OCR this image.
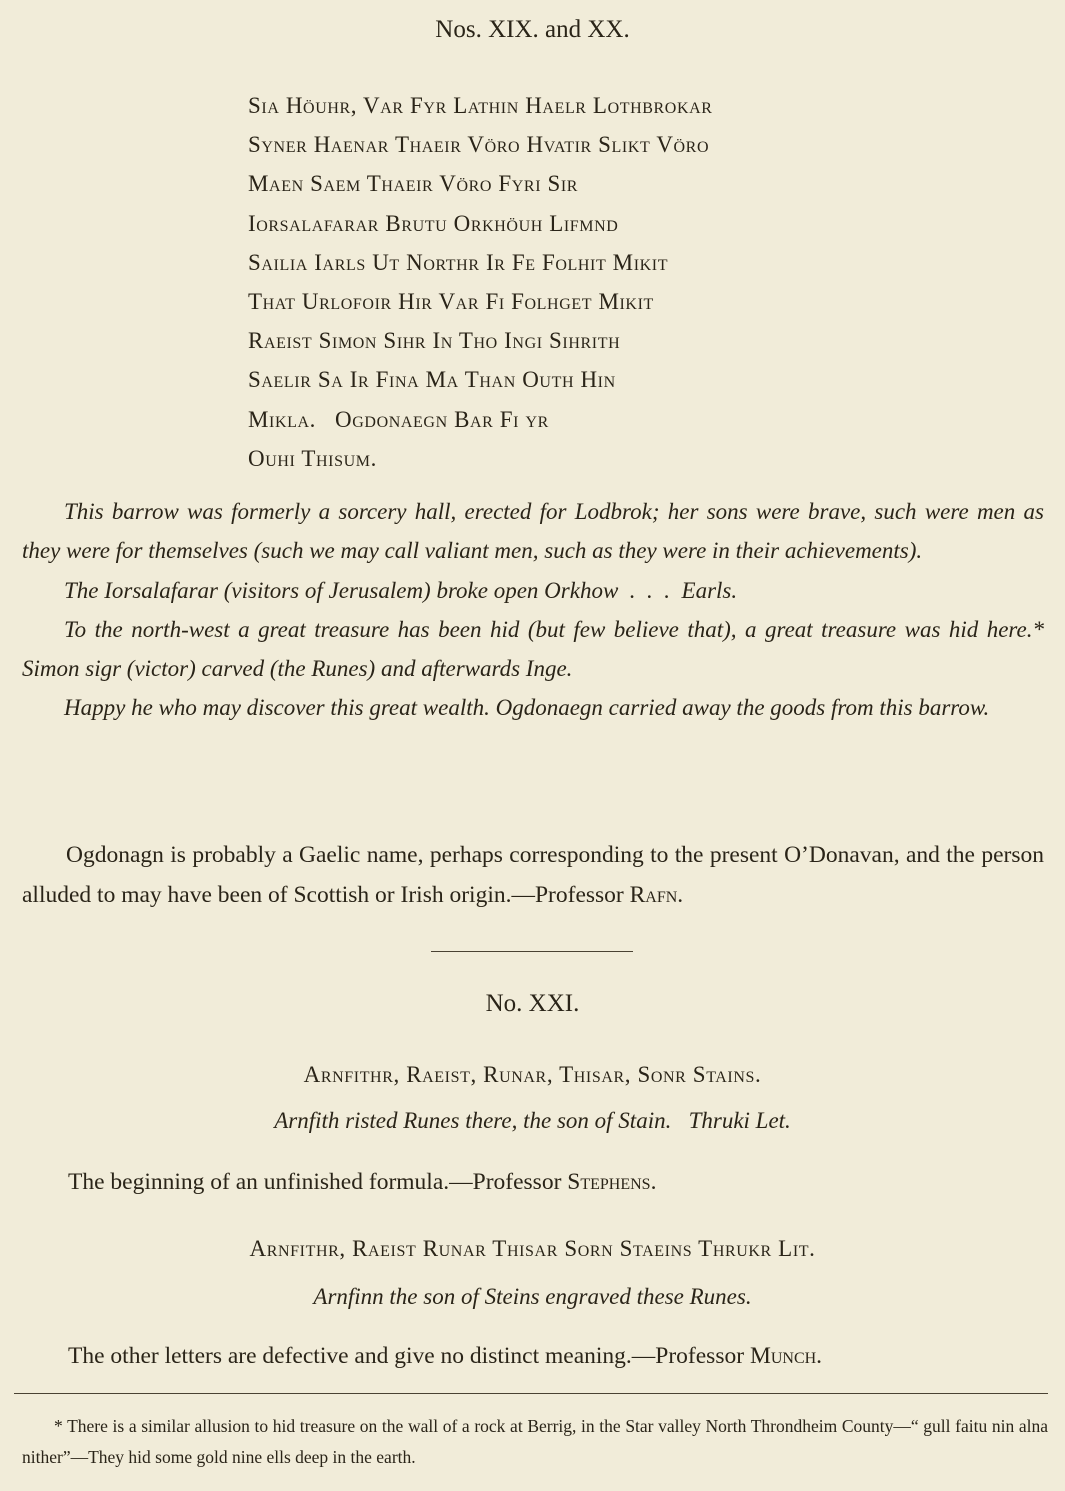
Nos. XIX. and XX.
Sia Höuhr, Var Fyr Lathin Haelr Lothbrokar
Syner Haenar Thaeir Vöro Hvatir Slikt Vöro
Maen Saem Thaeir Vöro Fyri Sir
Iorsalafarar Brutu Orkhöuh Lifmnd
Sailia Iarls Ut Northr Ir Fe Folhit Mikit
That Urlofoir Hir Var Fi Folhget Mikit
Raeist Simon Sihr In Tho Ingi Sihrith
Saelir Sa Ir Fina Ma Than Outh Hin
Mikla.   Ogdonaegn Bar Fi yr
Ouhi Thisum.

This barrow was formerly a sorcery hall, erected for Lodbrok; her sons were brave, such were men as they were for themselves (such we may call valiant men, such as they were in their achievements).

The Iorsalafarar (visitors of Jerusalem) broke open Orkhow  .  .  .  Earls.

To the north-west a great treasure has been hid (but few believe that), a great treasure was hid here.* Simon sigr (victor) carved (the Runes) and afterwards Inge.

Happy he who may discover this great wealth. Ogdonaegn carried away the goods from this barrow.

Ogdonagn is probably a Gaelic name, perhaps corresponding to the present O’Donavan, and the person alluded to may have been of Scottish or Irish origin.—Professor Rafn.

No. XXI.
Arnfithr, Raeist, Runar, Thisar, Sonr Stains.
Arnfith risted Runes there, the son of Stain.   Thruki Let.

The beginning of an unfinished formula.—Professor Stephens.

Arnfithr, Raeist Runar Thisar Sorn Staeins Thrukr Lit.
Arnfinn the son of Steins engraved these Runes.

The other letters are defective and give no distinct meaning.—Professor Munch.

* There is a similar allusion to hid treasure on the wall of a rock at Berrig, in the Star valley North Throndheim County—“ gull faitu nin alna nither”—They hid some gold nine ells deep in the earth.
